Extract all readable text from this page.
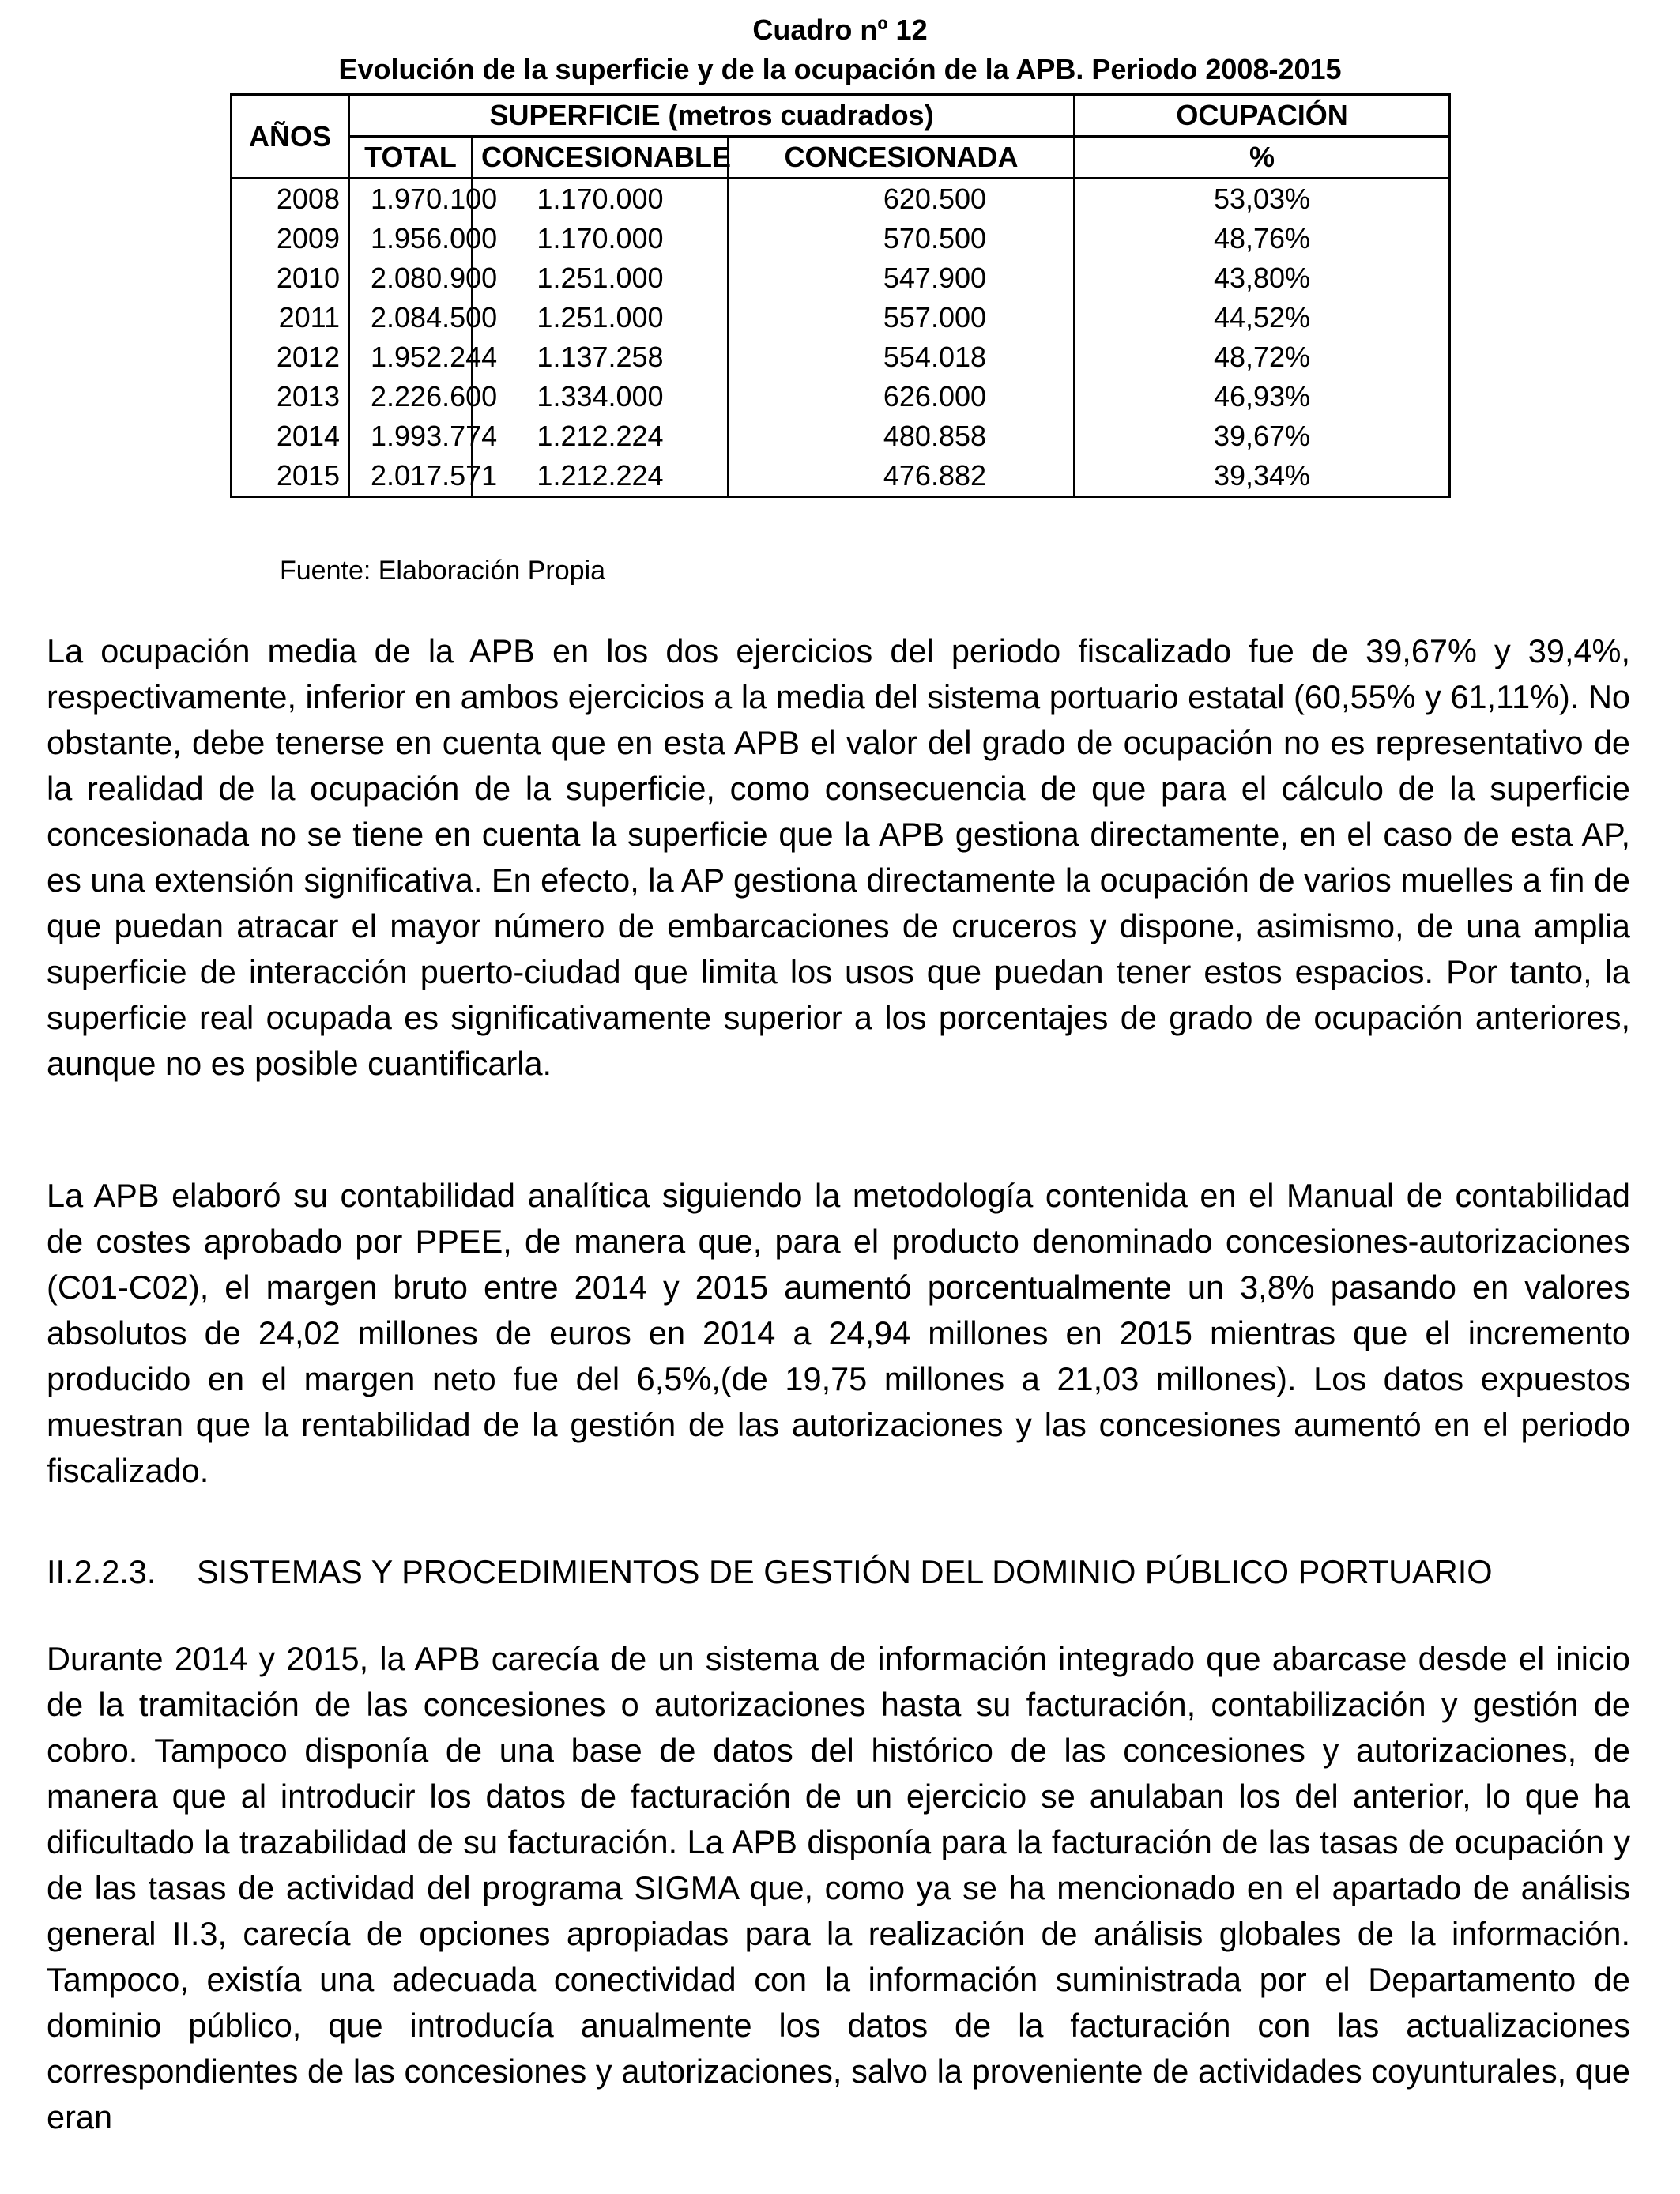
Cuadro nº 12
Evolución de la superficie y de la ocupación de la APB. Periodo 2008-2015
AÑOS	SUPERFICIE (metros cuadrados)			OCUPACIÓN
	TOTAL	CONCESIONABLE	CONCESIONADA	%
2008	1.970.100	1.170.000	620.500	53,03%
2009	1.956.000	1.170.000	570.500	48,76%
2010	2.080.900	1.251.000	547.900	43,80%
2011	2.084.500	1.251.000	557.000	44,52%
2012	1.952.244	1.137.258	554.018	48,72%
2013	2.226.600	1.334.000	626.000	46,93%
2014	1.993.774	1.212.224	480.858	39,67%
2015	2.017.571	1.212.224	476.882	39,34%
Fuente: Elaboración Propia

La ocupación media de la APB en los dos ejercicios del periodo fiscalizado fue de 39,67% y 39,4%, respectivamente, inferior en ambos ejercicios a la media del sistema portuario estatal (60,55% y 61,11%). No obstante, debe tenerse en cuenta que en esta APB el valor del grado de ocupación no es representativo de la realidad de la ocupación de la superficie, como consecuencia de que para el cálculo de la superficie concesionada no se tiene en cuenta la superficie que la APB gestiona directamente, en el caso de esta AP, es una extensión significativa. En efecto, la AP gestiona directamente la ocupación de varios muelles a fin de que puedan atracar el mayor número de embarcaciones de cruceros y dispone, asimismo, de una amplia superficie de interacción puerto-ciudad que limita los usos que puedan tener estos espacios. Por tanto, la superficie real ocupada es significativamente superior a los porcentajes de grado de ocupación anteriores, aunque no es posible cuantificarla.

La APB elaboró su contabilidad analítica siguiendo la metodología contenida en el Manual de contabilidad de costes aprobado por PPEE, de manera que, para el producto denominado concesiones-autorizaciones (C01-C02), el margen bruto entre 2014 y 2015 aumentó porcentualmente un 3,8% pasando en valores absolutos de 24,02 millones de euros en 2014 a 24,94 millones en 2015 mientras que el incremento producido en el margen neto fue del 6,5%,(de 19,75 millones a 21,03 millones). Los datos expuestos muestran que la rentabilidad de la gestión de las autorizaciones y las concesiones aumentó en el periodo fiscalizado.

II.2.2.3. SISTEMAS Y PROCEDIMIENTOS DE GESTIÓN DEL DOMINIO PÚBLICO PORTUARIO

Durante 2014 y 2015, la APB carecía de un sistema de información integrado que abarcase desde el inicio de la tramitación de las concesiones o autorizaciones hasta su facturación, contabilización y gestión de cobro. Tampoco disponía de una base de datos del histórico de las concesiones y autorizaciones, de manera que al introducir los datos de facturación de un ejercicio se anulaban los del anterior, lo que ha dificultado la trazabilidad de su facturación. La APB disponía para la facturación de las tasas de ocupación y de las tasas de actividad del programa SIGMA que, como ya se ha mencionado en el apartado de análisis general II.3, carecía de opciones apropiadas para la realización de análisis globales de la información. Tampoco, existía una adecuada conectividad con la información suministrada por el Departamento de dominio público, que introducía anualmente los datos de la facturación con las actualizaciones correspondientes de las concesiones y autorizaciones, salvo la proveniente de actividades coyunturales, que eran
